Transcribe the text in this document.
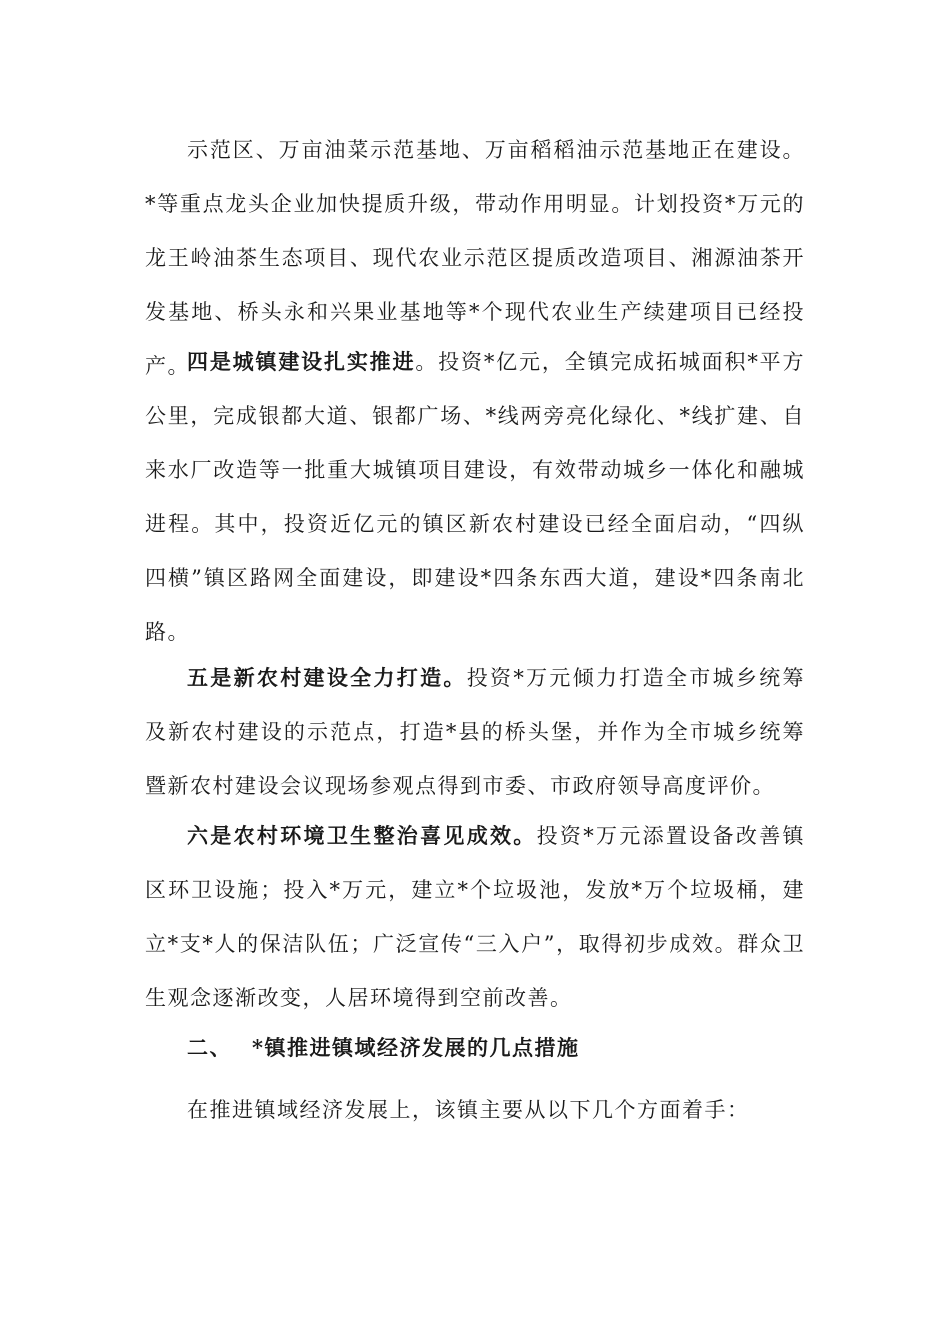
示范区、万亩油菜示范基地、万亩稻稻油示范基地正在建设。*等重点龙头企业加快提质升级，带动作用明显。计划投资*万元的龙王岭油茶生态项目、现代农业示范区提质改造项目、湘源油茶开发基地、桥头永和兴果业基地等*个现代农业生产续建项目已经投产。

四是城镇建设扎实推进。投资*亿元，全镇完成拓城面积*平方公里，完成银都大道、银都广场、*线两旁亮化绿化、*线扩建、自来水厂改造等一批重大城镇项目建设，有效带动城乡一体化和融城进程。其中，投资近亿元的镇区新农村建设已经全面启动，“四纵四横”镇区路网全面建设，即建设*四条东西大道，建设*四条南北路。

五是新农村建设全力打造。投资*万元倾力打造全市城乡统筹及新农村建设的示范点，打造*县的桥头堡，并作为全市城乡统筹暨新农村建设会议现场参观点得到市委、市政府领导高度评价。

六是农村环境卫生整治喜见成效。投资*万元添置设备改善镇区环卫设施；投入*万元，建立*个垃圾池，发放*万个垃圾桶，建立*支*人的保洁队伍；广泛宣传“三入户”，取得初步成效。群众卫生观念逐渐改变，人居环境得到空前改善。

二、 *镇推进镇域经济发展的几点措施

在推进镇域经济发展上，该镇主要从以下几个方面着手：
